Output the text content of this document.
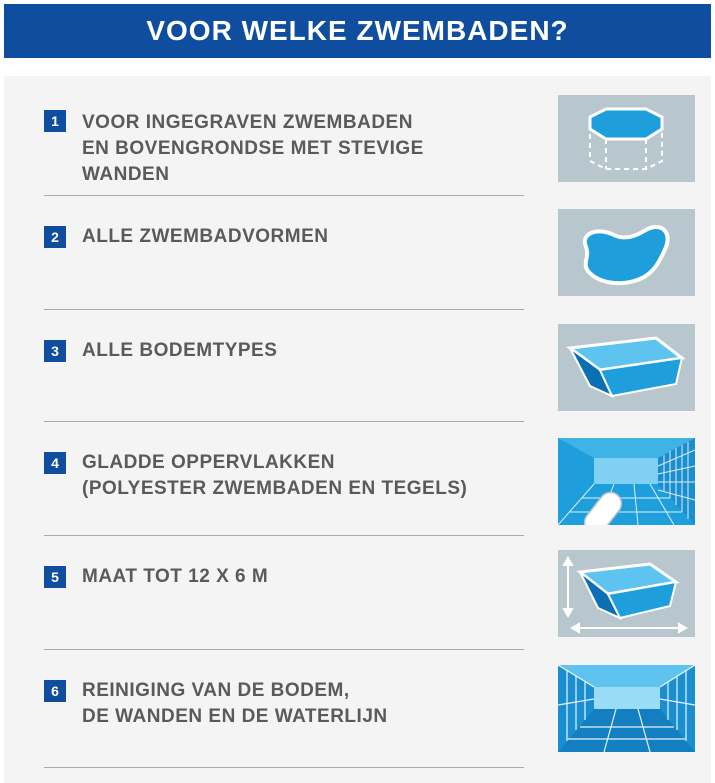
VOOR WELKE ZWEMBADEN?
1	VOOR INGEGRAVEN ZWEMBADEN
EN BOVENGRONDSE MET STEVIGE
WANDEN

2	ALLE ZWEMBADVORMEN

3	ALLE BODEMTYPES

4	GLADDE OPPERVLAKKEN
(POLYESTER ZWEMBADEN EN TEGELS)

5	MAAT TOT 12 X 6 M

6	REINIGING VAN DE BODEM,
DE WANDEN EN DE WATERLIJN
